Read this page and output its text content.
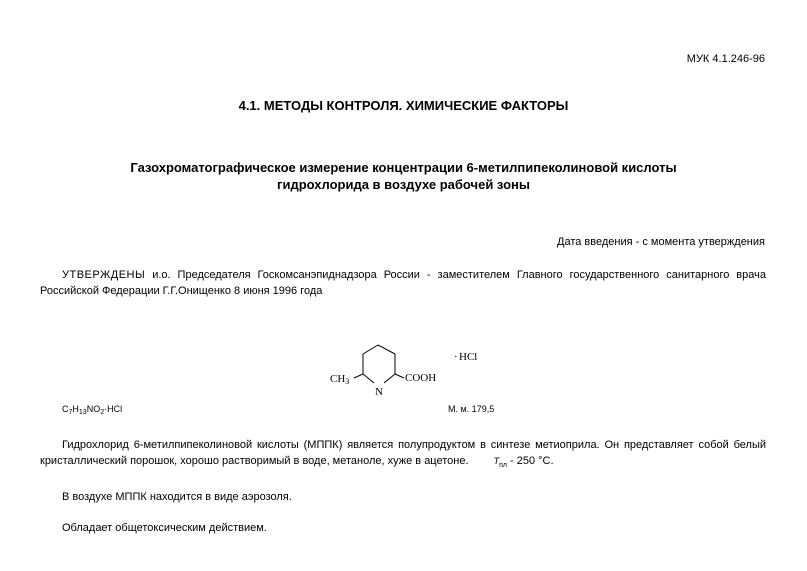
МУК 4.1.246-96
4.1. МЕТОДЫ КОНТРОЛЯ. ХИМИЧЕСКИЕ ФАКТОРЫ
Газохроматографическое измерение концентрации 6-метилпипеколиновой кислоты
гидрохлорида в воздухе рабочей зоны
Дата введения - с момента утверждения
УТВЕРЖДЕНЫ и.о. Председателя Госкомсанэпиднадзора России - заместителем Главного государственного санитарного врача Российской Федерации Г.Г.Онищенко 8 июня 1996 года
CH3
N
COOH
· HCl
$C_7H_{13}NO_2\cdot HCl$	М. м. 179,5
Гидрохлорид 6-метилпипеколиновой кислоты (МППК) является полупродуктом в синтезе метиоприла. Он представляет собой белый кристаллический порошок, хорошо растворимый в воде, метаноле, хуже в ацетоне. $T_{пл} - 250$ °С.
В воздухе МППК находится в виде аэрозоля.
Обладает общетоксическим действием.
